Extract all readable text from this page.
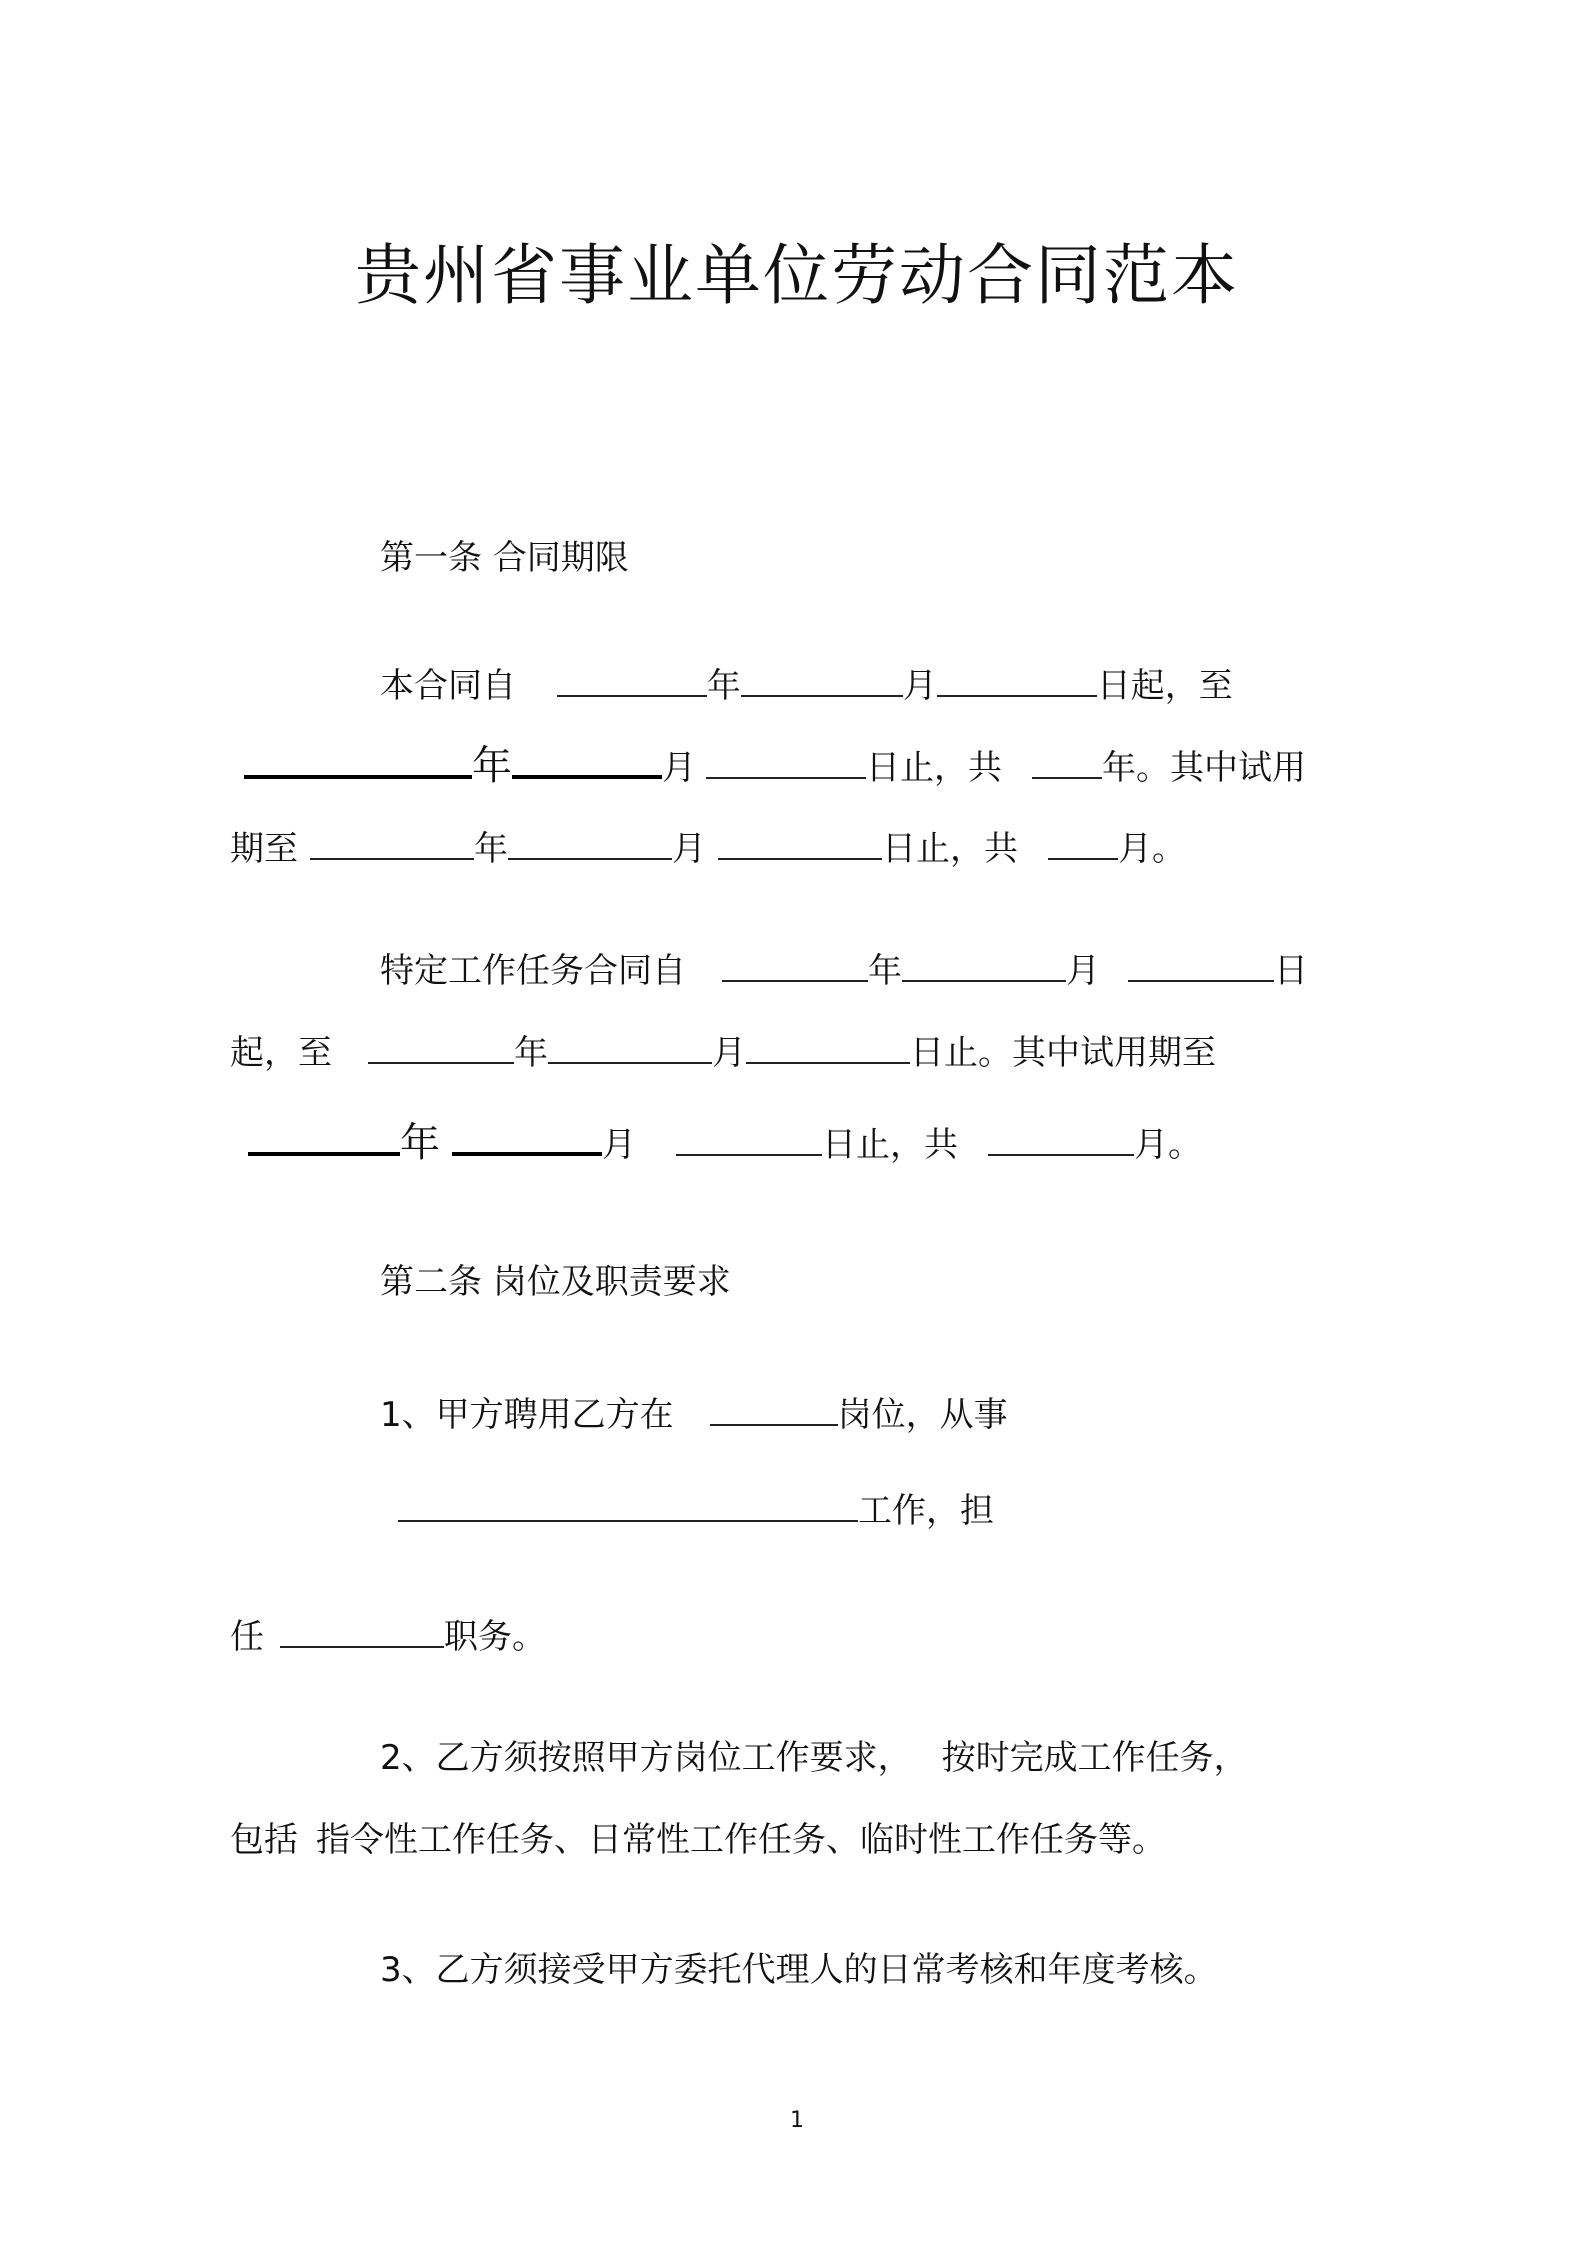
贵州省事业单位劳动合同范本
第一条 合同期限
本合同自	年	月	日起，至
年	月	日止，共	年。其中试用
期至	年	月	日止，共	月。
特定工作任务合同自	年	月	日
起，至	年	月	日止。其中试用期至
年	月	日止，共	月。
第二条 岗位及职责要求
1、甲方聘用乙方在	岗位，从事
工作，担
任	职务。
2、乙方须按照甲方岗位工作要求， 按时完成工作任务，
包括 指令性工作任务、日常性工作任务、临时性工作任务等。
3、乙方须接受甲方委托代理人的日常考核和年度考核。
1
